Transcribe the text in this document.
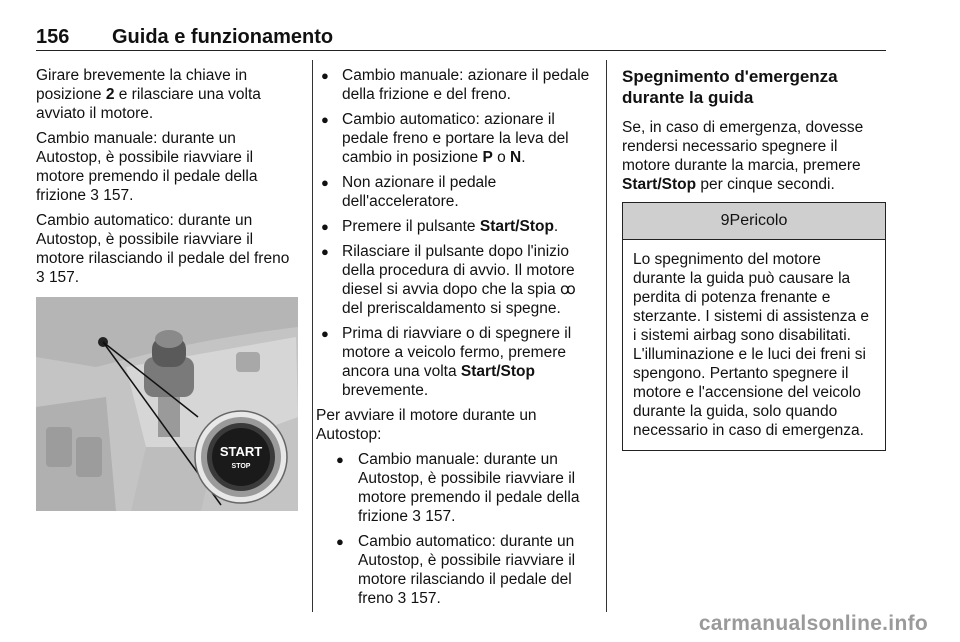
156 Guida e funzionamento

Girare brevemente la chiave in posizione 2 e rilasciare una volta avviato il motore.

Cambio manuale: durante un Autostop, è possibile riavviare il motore premendo il pedale della frizione 3 157.

Cambio automatico: durante un Autostop, è possibile riavviare il motore rilasciando il pedale del freno 3 157.

START
STOP
● Cambio manuale: azionare il pedale della frizione e del freno.
● Cambio automatico: azionare il pedale freno e portare la leva del cambio in posizione P o N.
● Non azionare il pedale dell'acceleratore.
● Premere il pulsante Start/Stop.
● Rilasciare il pulsante dopo l'inizio della procedura di avvio. Il motore diesel si avvia dopo che la spia ꝏ del preriscaldamento si spegne.
● Prima di riavviare o di spegnere il motore a veicolo fermo, premere ancora una volta Start/Stop brevemente.

Per avviare il motore durante un Autostop:

● Cambio manuale: durante un Autostop, è possibile riavviare il motore premendo il pedale della frizione 3 157.
● Cambio automatico: durante un Autostop, è possibile riavviare il motore rilasciando il pedale del freno 3 157.
Spegnimento d'emergenza durante la guida

Se, in caso di emergenza, dovesse rendersi necessario spegnere il motore durante la marcia, premere Start/Stop per cinque secondi.

9Pericolo
Lo spegnimento del motore durante la guida può causare la perdita di potenza frenante e sterzante. I sistemi di assistenza e i sistemi airbag sono disabilitati. L'illuminazione e le luci dei freni si spengono. Pertanto spegnere il motore e l'accensione del veicolo durante la guida, solo quando necessario in caso di emergenza.
carmanualsonline.info
